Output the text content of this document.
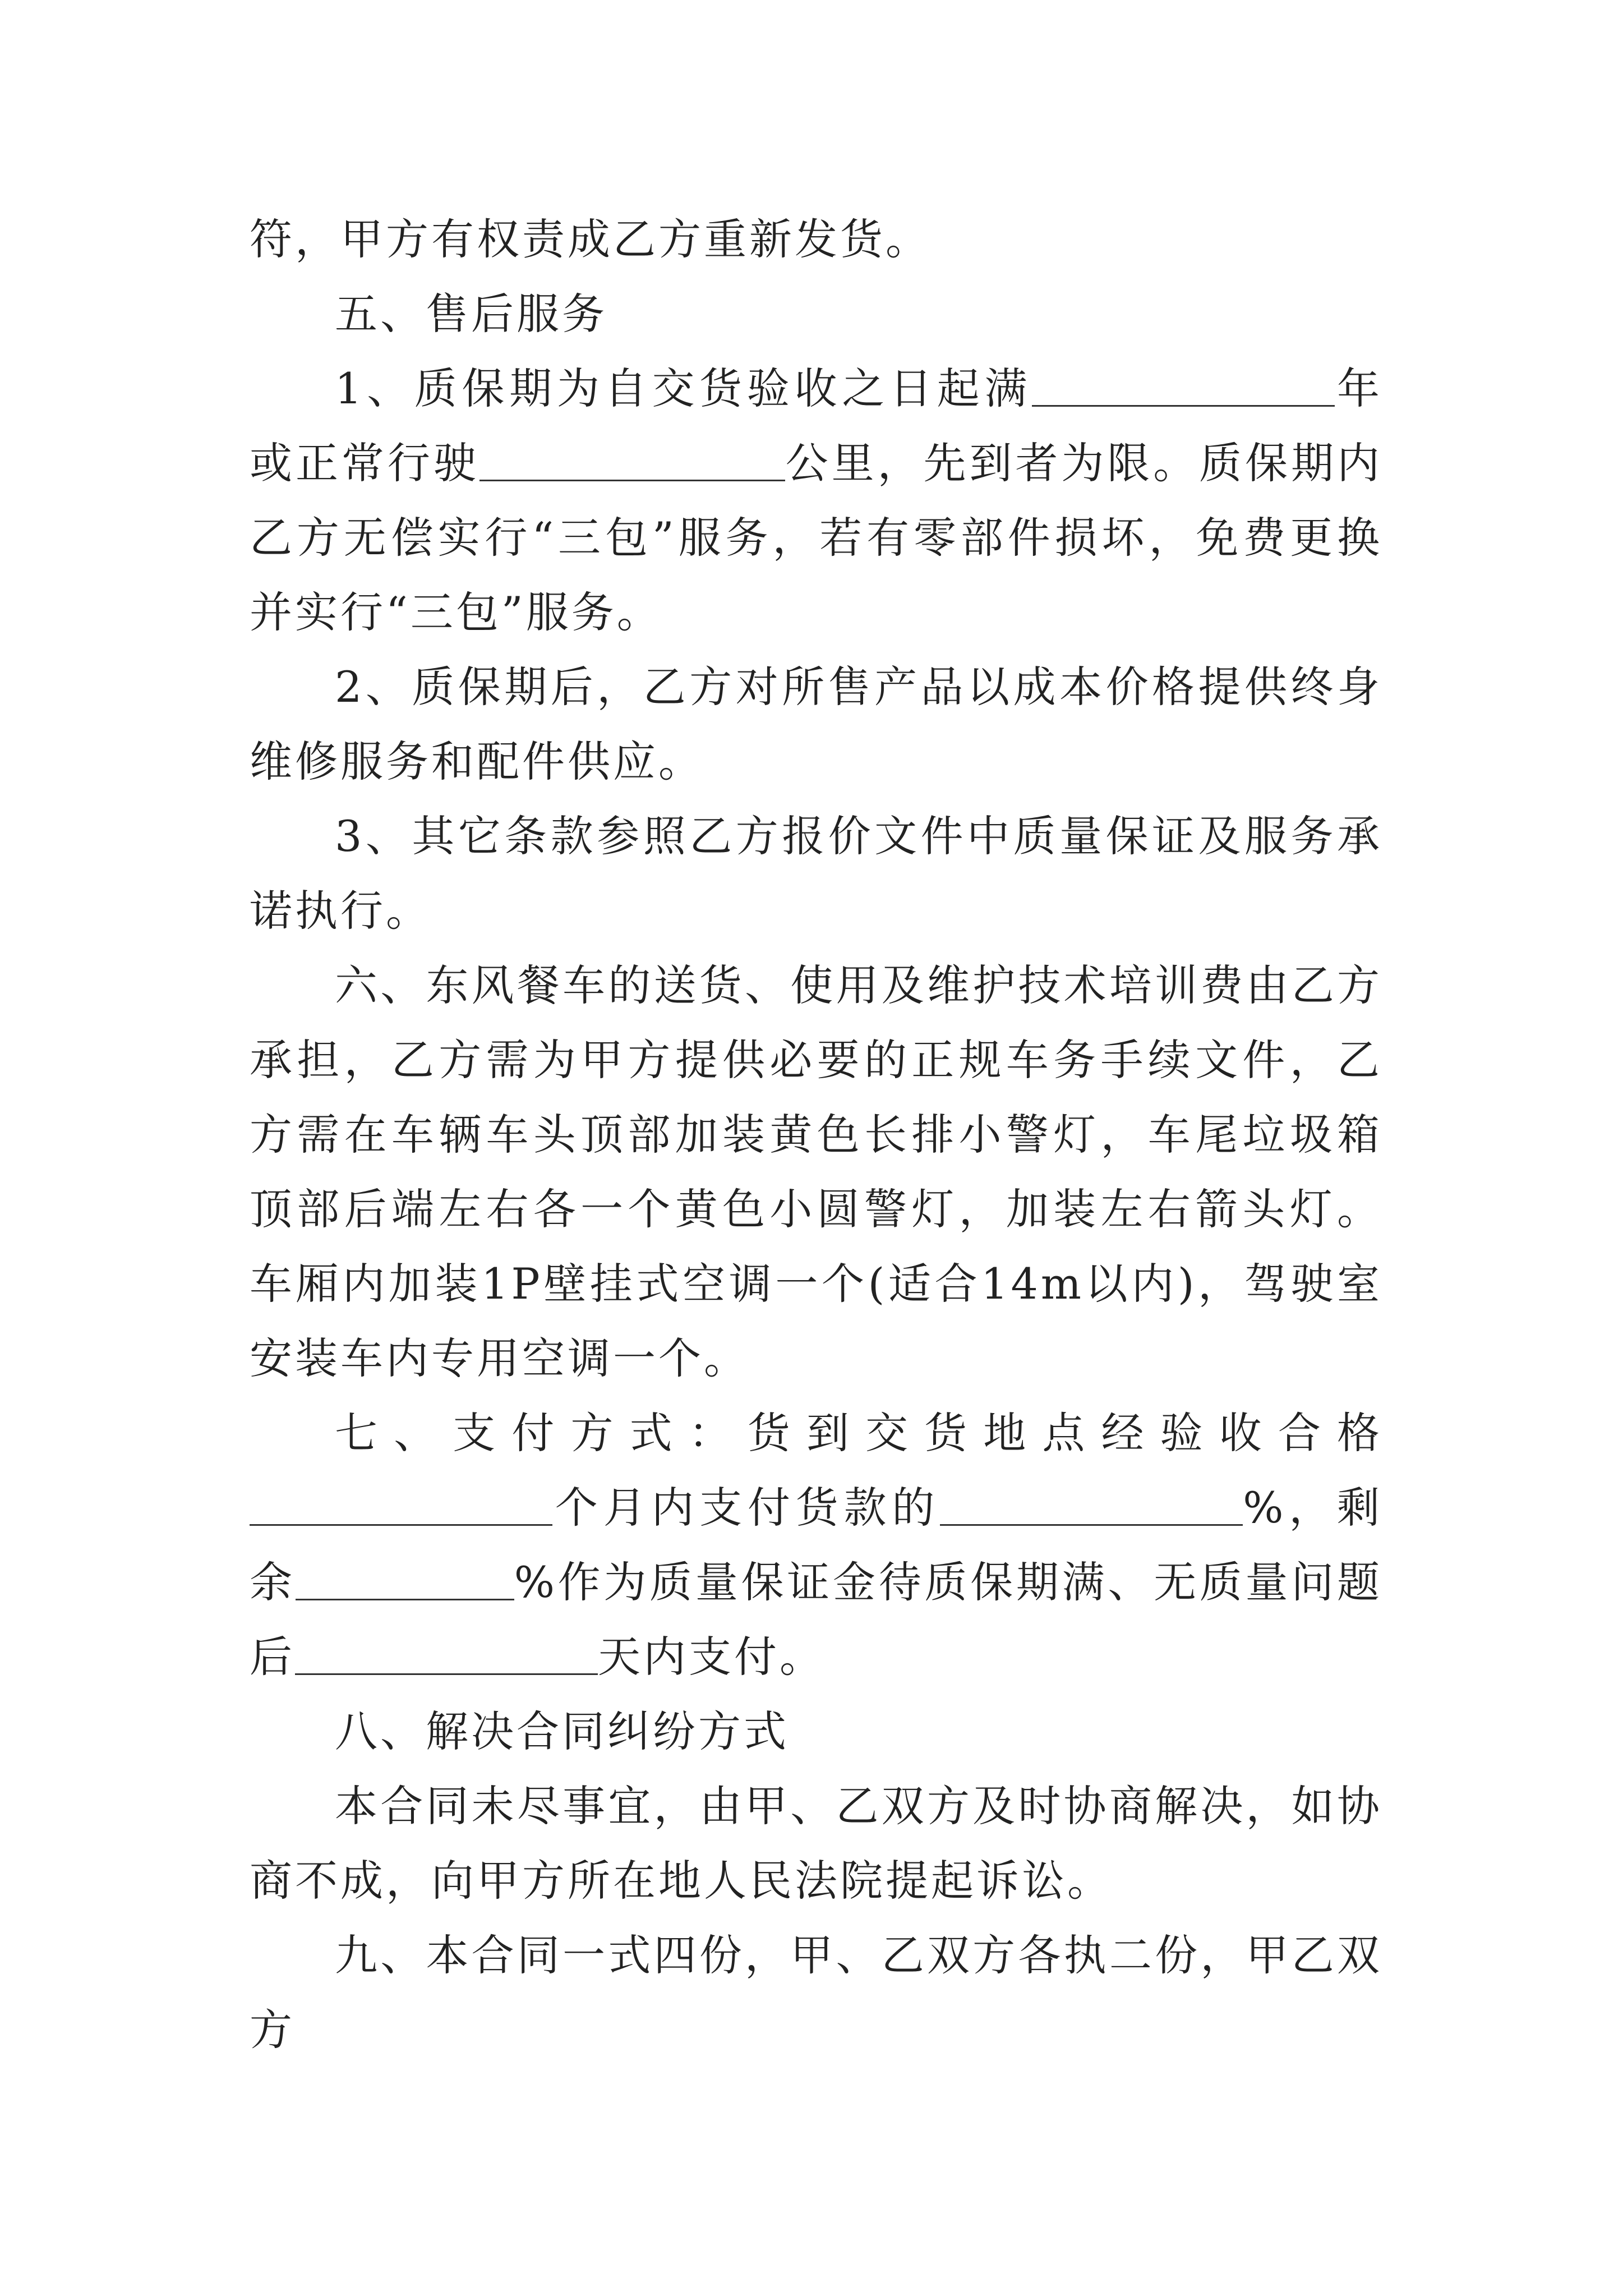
符，甲方有权责成乙方重新发货。

五、售后服务

1、质保期为自交货验收之日起满	年或正常行驶	公里，先到者为限。质保期内乙方无偿实行“三包”服务，若有零部件损坏，免费更换并实行“三包”服务。

2、质保期后，乙方对所售产品以成本价格提供终身维修服务和配件供应。

3、其它条款参照乙方报价文件中质量保证及服务承诺执行。

六、东风餐车的送货、使用及维护技术培训费由乙方承担，乙方需为甲方提供必要的正规车务手续文件，乙方需在车辆车头顶部加装黄色长排小警灯，车尾垃圾箱顶部后端左右各一个黄色小圆警灯，加装左右箭头灯。车厢内加装1P壁挂式空调一个(适合14m以内)，驾驶室安装车内专用空调一个。

七、支付方式：货到交货地点经验收合格个月内支付货款的	%，剩余	%作为质量保证金待质保期满、无质量问题后	天内支付。

八、解决合同纠纷方式

本合同未尽事宜，由甲、乙双方及时协商解决，如协商不成，向甲方所在地人民法院提起诉讼。

九、本合同一式四份，甲、乙双方各执二份，甲乙双方
